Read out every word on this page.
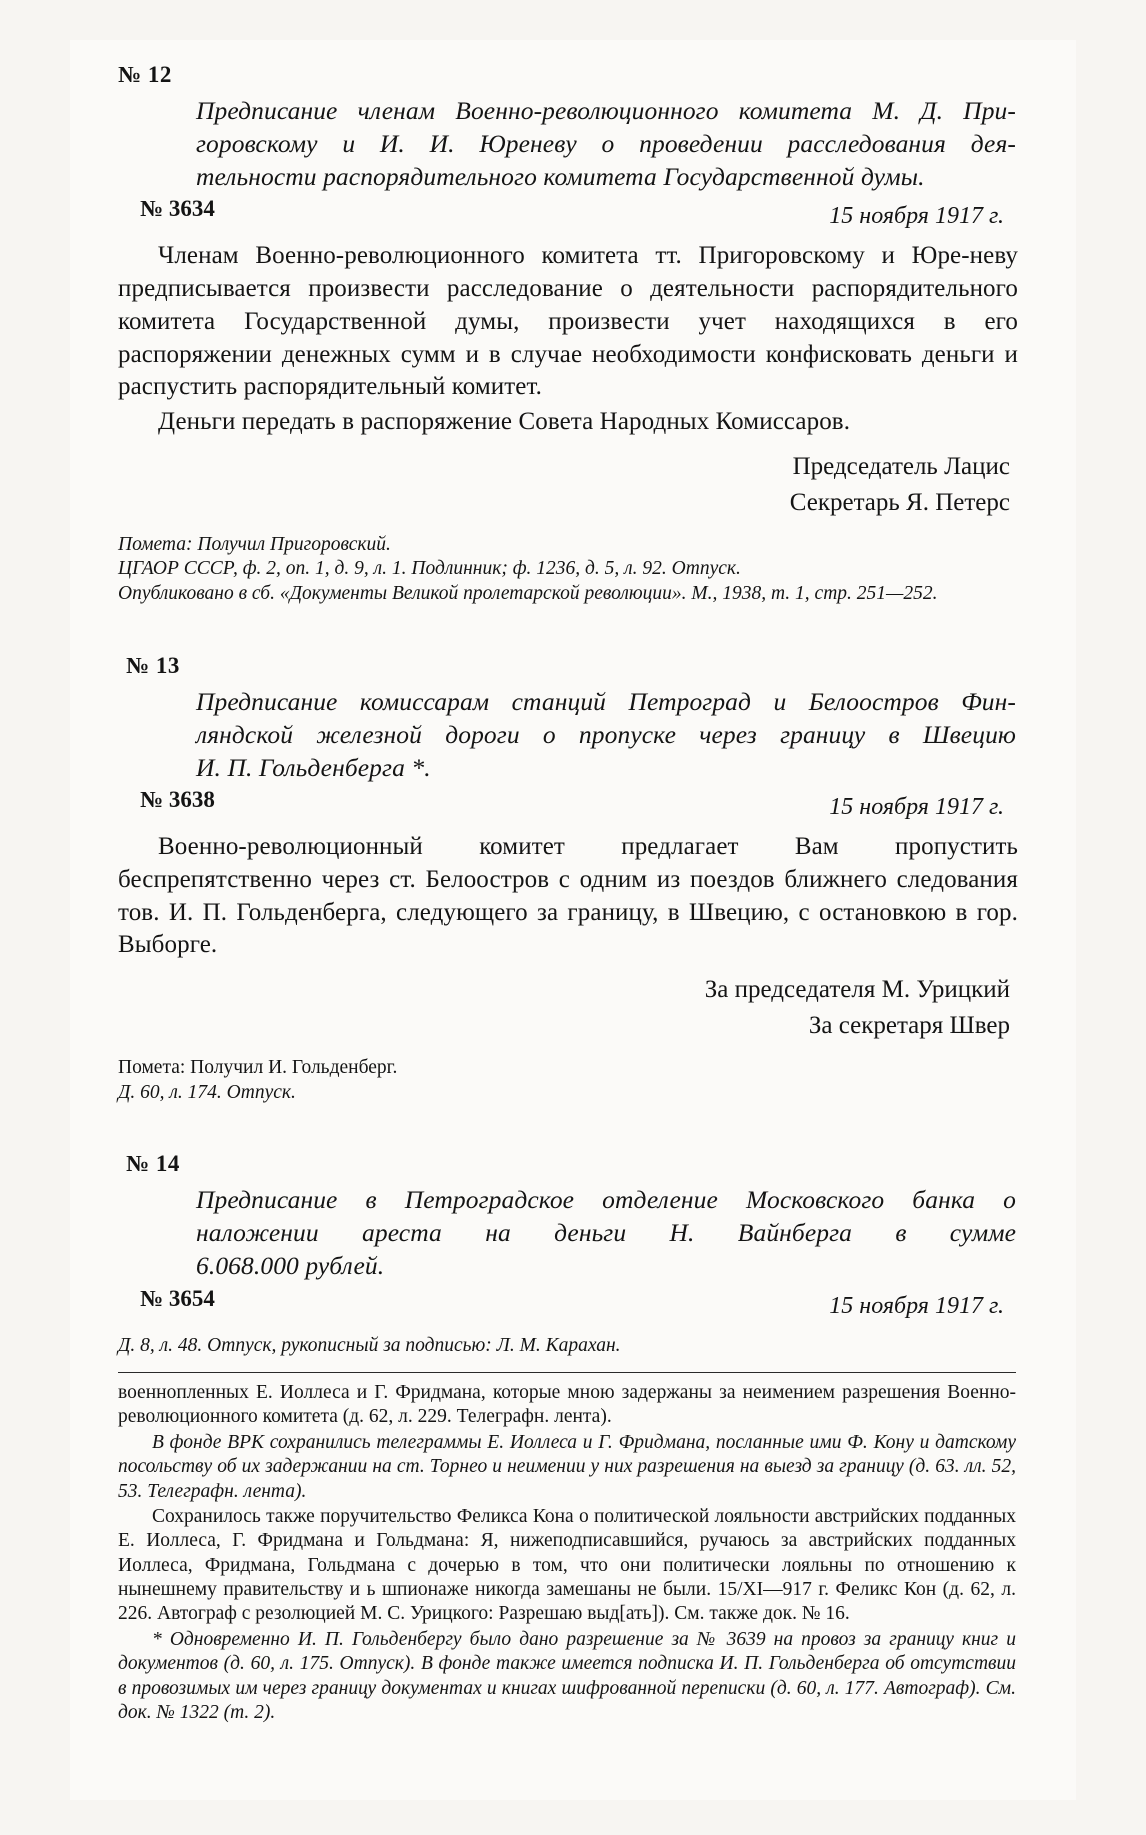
№ 12
Предписание членам Военно-революционного комитета М. Д. При-
горовскому и И. И. Юреневу о проведении расследования дея-
тельности распорядительного комитета Государственной думы.
15 ноября 1917 г.
№ 3634

Членам Военно-революционного комитета тт. Пригоровскому и Юре-неву предписывается произвести расследование о деятельности распорядительного комитета Государственной думы, произвести учет находящихся в его распоряжении денежных сумм и в случае необходимости конфисковать деньги и распустить распорядительный комитет.

Деньги передать в распоряжение Совета Народных Комиссаров.

Председатель Лацис
Секретарь Я. Петерс
Помета: Получил Пригоровский.
ЦГАОР СССР, ф. 2, оп. 1, д. 9, л. 1. Подлинник; ф. 1236, д. 5, л. 92. Отпуск.
Опубликовано в сб. «Документы Великой пролетарской революции». М., 1938, т. 1, стр. 251—252.
№ 13
Предписание комиссарам станций Петроград и Белоостров Фин-
ляндской железной дороги о пропуске через границу в Швецию
И. П. Гольденберга *.
15 ноября 1917 г.
№ 3638

Военно-революционный комитет предлагает Вам пропустить беспрепятственно через ст. Белоостров с одним из поездов ближнего следования тов. И. П. Гольденберга, следующего за границу, в Швецию, с остановкою в гор. Выборге.

За председателя М. Урицкий
За секретаря Швер
Помета: Получил И. Гольденберг.
Д. 60, л. 174. Отпуск.
№ 14
Предписание в Петроградское отделение Московского банка о
наложении ареста на деньги Н. Вайнберга в сумме
6.068.000 рублей.
15 ноября 1917 г.
№ 3654
Д. 8, л. 48. Отпуск, рукописный за подписью: Л. М. Карахан.

военнопленных Е. Иоллеса и Г. Фридмана, которые мною задержаны за неимением разрешения Военно-революционного комитета (д. 62, л. 229. Телеграфн. лента).

В фонде ВРК сохранились телеграммы Е. Иоллеса и Г. Фридмана, посланные ими Ф. Кону и датскому посольству об их задержании на ст. Торнео и неимении у них разрешения на выезд за границу (д. 63. лл. 52, 53. Телеграфн. лента).

Сохранилось также поручительство Феликса Кона о политической лояльности австрийских подданных Е. Иоллеса, Г. Фридмана и Гольдмана: Я, нижеподписавшийся, ручаюсь за австрийских подданных Иоллеса, Фридмана, Гольдмана с дочерью в том, что они политически лояльны по отношению к нынешнему правительству и ь шпионаже никогда замешаны не были. 15/XI—917 г. Феликс Кон (д. 62, л. 226. Автограф с резолюцией М. С. Урицкого: Разрешаю выд[ать]). См. также док. № 16.

* Одновременно И. П. Гольденбергу было дано разрешение за № 3639 на провоз за границу книг и документов (д. 60, л. 175. Отпуск). В фонде также имеется подписка И. П. Гольденберга об отсутствии в провозимых им через границу документах и книгах шифрованной переписки (д. 60, л. 177. Автограф). См. док. № 1322 (т. 2).
